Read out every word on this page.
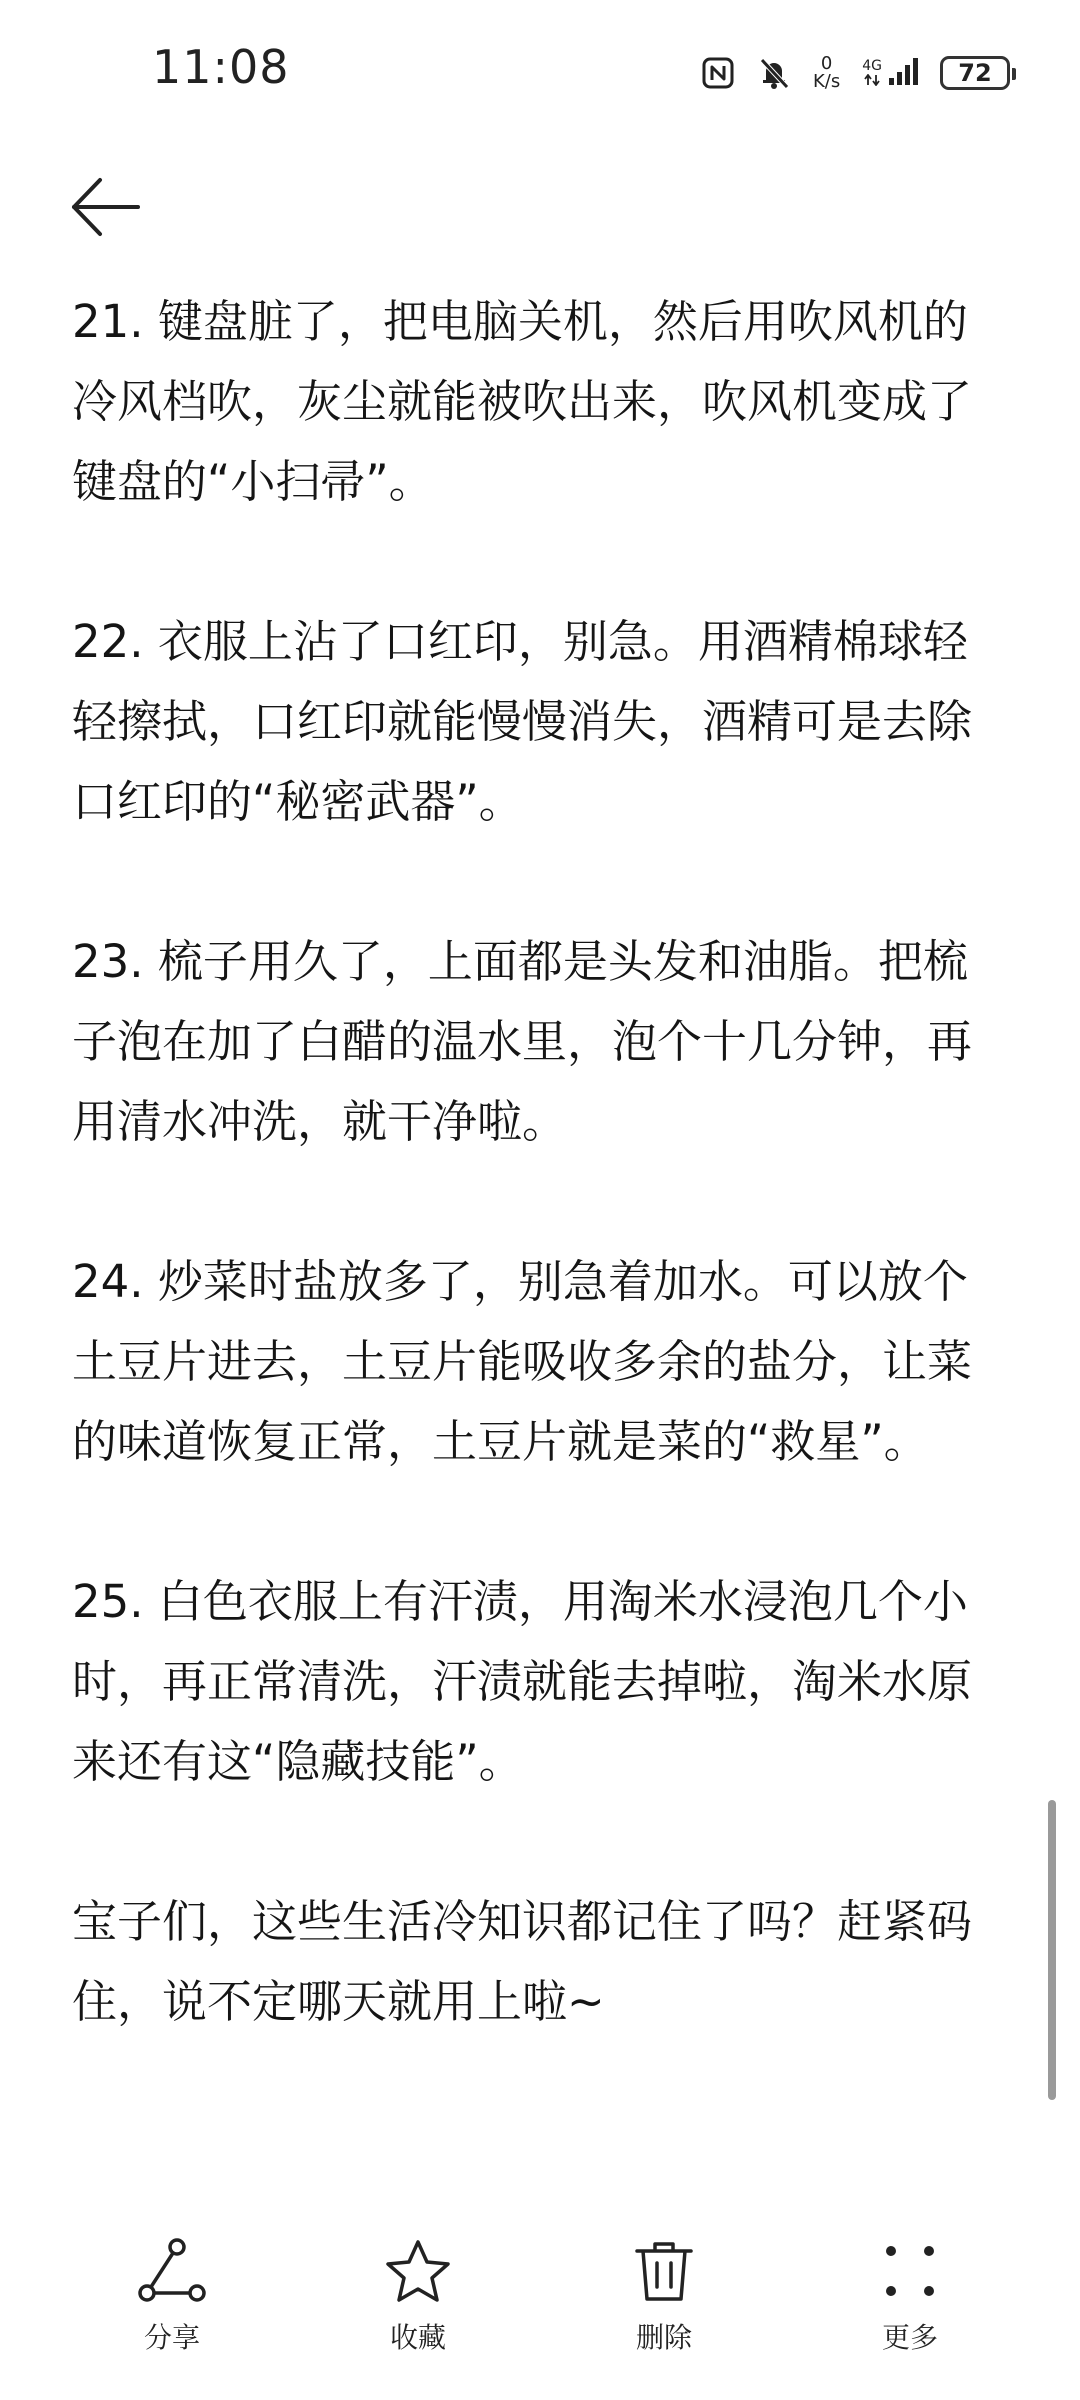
11:08	0
K/s
4G	72

21. 键盘脏了，把电脑关机，然后用吹风机的冷风档吹，灰尘就能被吹出来，吹风机变成了键盘的“小扫帚”。

22. 衣服上沾了口红印，别急。用酒精棉球轻轻擦拭，口红印就能慢慢消失，酒精可是去除口红印的“秘密武器”。

23. 梳子用久了，上面都是头发和油脂。把梳子泡在加了白醋的温水里，泡个十几分钟，再用清水冲洗，就干净啦。

24. 炒菜时盐放多了，别急着加水。可以放个土豆片进去，土豆片能吸收多余的盐分，让菜的味道恢复正常，土豆片就是菜的“救星”。

25. 白色衣服上有汗渍，用淘米水浸泡几个小时，再正常清洗，汗渍就能去掉啦，淘米水原来还有这“隐藏技能”。

宝子们，这些生活冷知识都记住了吗？赶紧码住，说不定哪天就用上啦~

分享	收藏	删除	更多
